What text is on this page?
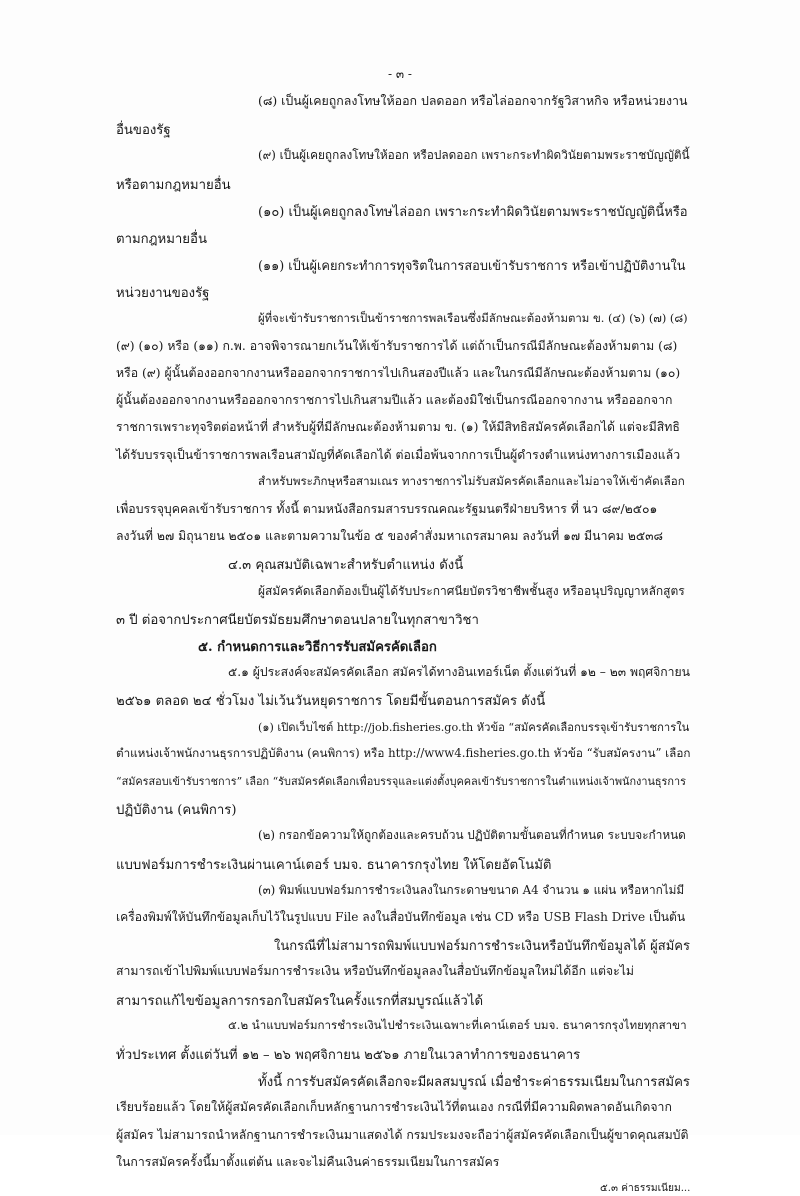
- ๓ -
(๘) เป็นผู้เคยถูกลงโทษให้ออก ปลดออก หรือไล่ออกจากรัฐวิสาหกิจ หรือหน่วยงาน
อื่นของรัฐ
(๙) เป็นผู้เคยถูกลงโทษให้ออก หรือปลดออก เพราะกระทำผิดวินัยตามพระราชบัญญัตินี้
หรือตามกฎหมายอื่น
(๑๐) เป็นผู้เคยถูกลงโทษไล่ออก เพราะกระทำผิดวินัยตามพระราชบัญญัตินี้หรือ
ตามกฎหมายอื่น
(๑๑) เป็นผู้เคยกระทำการทุจริตในการสอบเข้ารับราชการ หรือเข้าปฏิบัติงานใน
หน่วยงานของรัฐ
ผู้ที่จะเข้ารับราชการเป็นข้าราชการพลเรือนซึ่งมีลักษณะต้องห้ามตาม ข. (๔) (๖) (๗) (๘)
(๙) (๑๐) หรือ (๑๑) ก.พ. อาจพิจารณายกเว้นให้เข้ารับราชการได้ แต่ถ้าเป็นกรณีมีลักษณะต้องห้ามตาม (๘)
หรือ (๙) ผู้นั้นต้องออกจากงานหรือออกจากราชการไปเกินสองปีแล้ว และในกรณีมีลักษณะต้องห้ามตาม (๑๐)
ผู้นั้นต้องออกจากงานหรือออกจากราชการไปเกินสามปีแล้ว และต้องมิใช่เป็นกรณีออกจากงาน หรือออกจาก
ราชการเพราะทุจริตต่อหน้าที่ สำหรับผู้ที่มีลักษณะต้องห้ามตาม ข. (๑) ให้มีสิทธิสมัครคัดเลือกได้ แต่จะมีสิทธิ
ได้รับบรรจุเป็นข้าราชการพลเรือนสามัญที่คัดเลือกได้ ต่อเมื่อพ้นจากการเป็นผู้ดำรงตำแหน่งทางการเมืองแล้ว
สำหรับพระภิกษุหรือสามเณร ทางราชการไม่รับสมัครคัดเลือกและไม่อาจให้เข้าคัดเลือก
เพื่อบรรจุบุคคลเข้ารับราชการ ทั้งนี้ ตามหนังสือกรมสารบรรณคณะรัฐมนตรีฝ่ายบริหาร ที่ นว ๘๙/๒๕๐๑
ลงวันที่ ๒๗ มิถุนายน ๒๕๐๑ และตามความในข้อ ๕ ของคำสั่งมหาเถรสมาคม ลงวันที่ ๑๗ มีนาคม ๒๕๓๘
๔.๓ คุณสมบัติเฉพาะสำหรับตำแหน่ง ดังนี้
ผู้สมัครคัดเลือกต้องเป็นผู้ได้รับประกาศนียบัตรวิชาชีพชั้นสูง หรืออนุปริญญาหลักสูตร
๓ ปี ต่อจากประกาศนียบัตรมัธยมศึกษาตอนปลายในทุกสาขาวิชา
๕. กำหนดการและวิธีการรับสมัครคัดเลือก
๕.๑ ผู้ประสงค์จะสมัครคัดเลือก สมัครได้ทางอินเทอร์เน็ต ตั้งแต่วันที่ ๑๒ – ๒๓ พฤศจิกายน
๒๕๖๑ ตลอด ๒๔ ชั่วโมง ไม่เว้นวันหยุดราชการ โดยมีขั้นตอนการสมัคร ดังนี้
(๑) เปิดเว็บไซต์ http://job.fisheries.go.th หัวข้อ “สมัครคัดเลือกบรรจุเข้ารับราชการใน
ตำแหน่งเจ้าพนักงานธุรการปฏิบัติงาน (คนพิการ) หรือ http://www4.fisheries.go.th หัวข้อ “รับสมัครงาน” เลือก
“สมัครสอบเข้ารับราชการ” เลือก “รับสมัครคัดเลือกเพื่อบรรจุและแต่งตั้งบุคคลเข้ารับราชการในตำแหน่งเจ้าพนักงานธุรการ
ปฏิบัติงาน (คนพิการ)
(๒) กรอกข้อความให้ถูกต้องและครบถ้วน ปฏิบัติตามขั้นตอนที่กำหนด ระบบจะกำหนด
แบบฟอร์มการชำระเงินผ่านเคาน์เตอร์ บมจ. ธนาคารกรุงไทย ให้โดยอัตโนมัติ
(๓) พิมพ์แบบฟอร์มการชำระเงินลงในกระดาษขนาด A4 จำนวน ๑ แผ่น หรือหากไม่มี
เครื่องพิมพ์ให้บันทึกข้อมูลเก็บไว้ในรูปแบบ File ลงในสื่อบันทึกข้อมูล เช่น CD หรือ USB Flash Drive เป็นต้น
ในกรณีที่ไม่สามารถพิมพ์แบบฟอร์มการชำระเงินหรือบันทึกข้อมูลได้ ผู้สมัคร
สามารถเข้าไปพิมพ์แบบฟอร์มการชำระเงิน หรือบันทึกข้อมูลลงในสื่อบันทึกข้อมูลใหม่ได้อีก แต่จะไม่
สามารถแก้ไขข้อมูลการกรอกใบสมัครในครั้งแรกที่สมบูรณ์แล้วได้
๕.๒ นำแบบฟอร์มการชำระเงินไปชำระเงินเฉพาะที่เคาน์เตอร์ บมจ. ธนาคารกรุงไทยทุกสาขา
ทั่วประเทศ ตั้งแต่วันที่ ๑๒ – ๒๖ พฤศจิกายน ๒๕๖๑ ภายในเวลาทำการของธนาคาร
ทั้งนี้ การรับสมัครคัดเลือกจะมีผลสมบูรณ์ เมื่อชำระค่าธรรมเนียมในการสมัคร
เรียบร้อยแล้ว โดยให้ผู้สมัครคัดเลือกเก็บหลักฐานการชำระเงินไว้ที่ตนเอง กรณีที่มีความผิดพลาดอันเกิดจาก
ผู้สมัคร ไม่สามารถนำหลักฐานการชำระเงินมาแสดงได้ กรมประมงจะถือว่าผู้สมัครคัดเลือกเป็นผู้ขาดคุณสมบัติ
ในการสมัครครั้งนี้มาตั้งแต่ต้น และจะไม่คืนเงินค่าธรรมเนียมในการสมัคร
๕.๓ ค่าธรรมเนียม...
